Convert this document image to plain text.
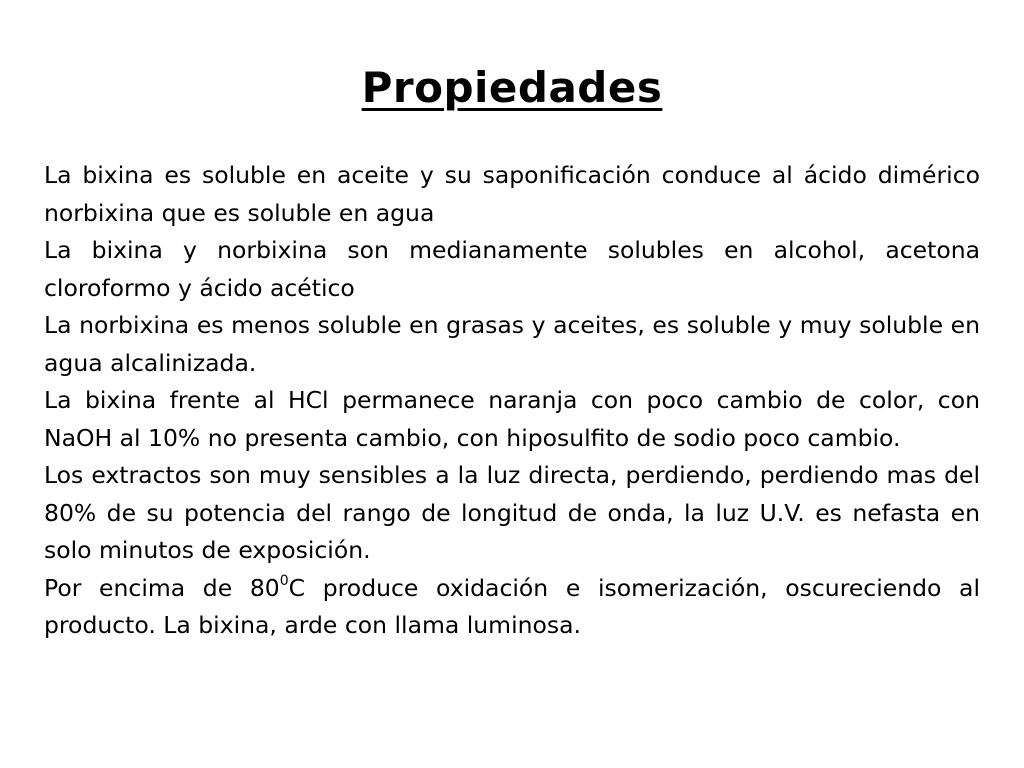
Propiedades

La bixina es soluble en aceite y su saponificación conduce al ácido dimérico norbixina que es soluble en agua

La bixina y norbixina son medianamente solubles en alcohol, acetona cloroformo y ácido acético

La norbixina es menos soluble en grasas y aceites, es soluble y muy soluble en agua alcalinizada.

La bixina frente al HCl permanece naranja con poco cambio de color, con NaOH al 10% no presenta cambio, con hiposulfito de sodio poco cambio.

Los extractos son muy sensibles a la luz directa, perdiendo, perdiendo mas del 80% de su potencia del rango de longitud de onda, la luz U.V. es nefasta en solo minutos de exposición.

Por encima de $80^0C$ produce oxidación e isomerización, oscureciendo al producto. La bixina, arde con llama luminosa.
